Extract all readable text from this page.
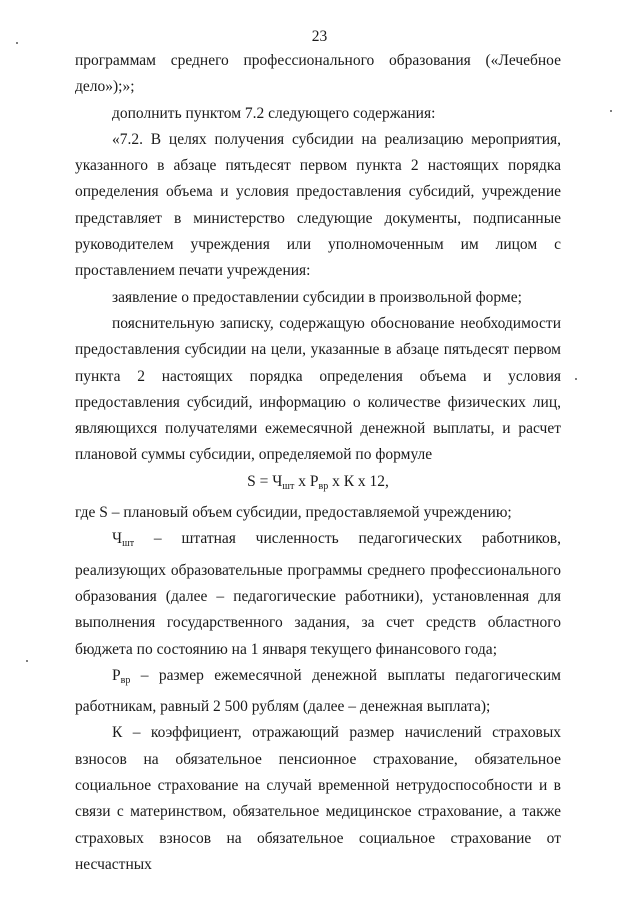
23

программам среднего профессионального образования («Лечебное дело»);»;

дополнить пунктом 7.2 следующего содержания:

«7.2. В целях получения субсидии на реализацию мероприятия, указанного в абзаце пятьдесят первом пункта 2 настоящих порядка определения объема и условия предоставления субсидий, учреждение представляет в министерство следующие документы, подписанные руководителем учреждения или уполномоченным им лицом с проставлением печати учреждения:

заявление о предоставлении субсидии в произвольной форме;

пояснительную записку, содержащую обоснование необходимости предоставления субсидии на цели, указанные в абзаце пятьдесят первом пункта 2 настоящих порядка определения объема и условия предоставления субсидий, информацию о количестве физических лиц, являющихся получателями ежемесячной денежной выплаты, и расчет плановой суммы субсидии, определяемой по формуле

$S = Ч_{шт}$ х $Р_{вр}$ х К х 12,

где S – плановый объем субсидии, предоставляемой учреждению;

$Ч_{шт}$ – штатная численность педагогических работников, реализующих образовательные программы среднего профессионального образования (далее – педагогические работники), установленная для выполнения государственного задания, за счет средств областного бюджета по состоянию на 1 января текущего финансового года;

$Р_{вр}$ – размер ежемесячной денежной выплаты педагогическим работникам, равный 2 500 рублям (далее – денежная выплата);

К – коэффициент, отражающий размер начислений страховых взносов на обязательное пенсионное страхование, обязательное социальное страхование на случай временной нетрудоспособности и в связи с материнством, обязательное медицинское страхование, а также страховых взносов на обязательное социальное страхование от несчастных
